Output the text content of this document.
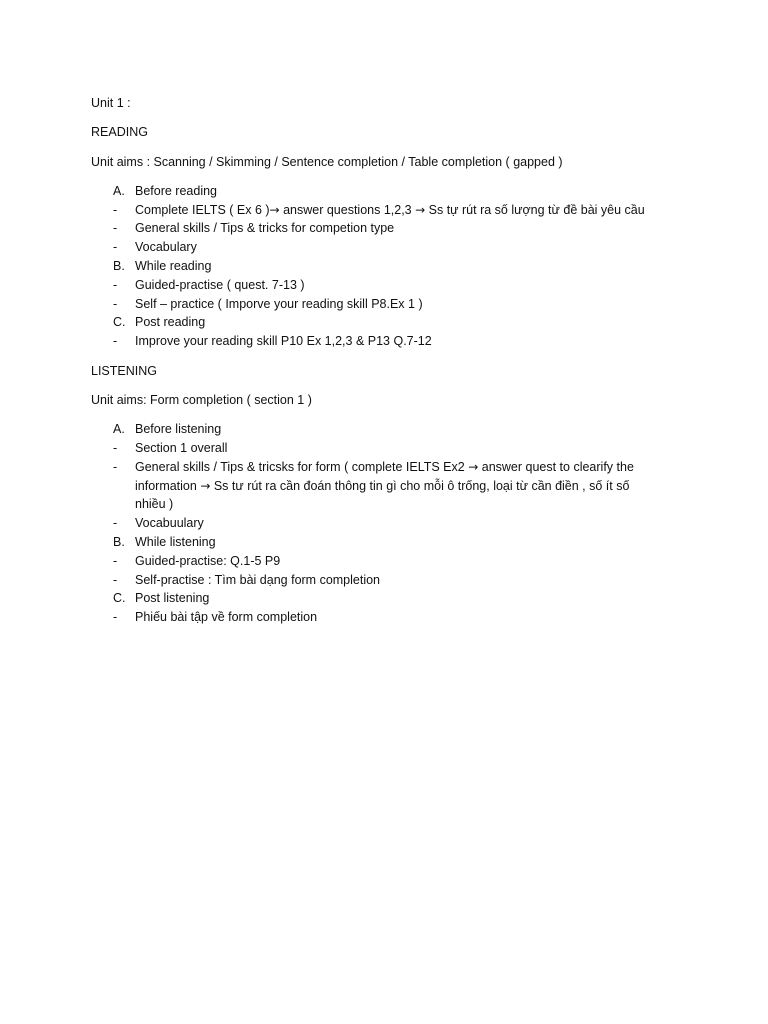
Unit 1 :

READING

Unit aims : Scanning / Skimming / Sentence completion / Table completion ( gapped )

A. Before reading
- Complete IELTS ( Ex 6 )→ answer questions 1,2,3 → Ss tự rút ra số lượng từ đề bài yêu cầu
- General skills / Tips & tricks for competion type
- Vocabulary
B. While reading
- Guided-practise ( quest. 7-13 )
- Self – practice ( Imporve your reading skill P8.Ex 1 )
C. Post reading
- Improve your reading skill P10 Ex 1,2,3 & P13 Q.7-12

LISTENING

Unit aims: Form completion ( section 1 )

A. Before listening
- Section 1 overall
- General skills / Tips & tricsks for form ( complete IELTS Ex2 → answer quest to clearify the information → Ss tư rút ra cần đoán thông tin gì cho mỗi ô trống, loại từ cần điền , số ít số nhiều )
- Vocabuulary
B. While listening
- Guided-practise: Q.1-5 P9
- Self-practise : Tìm bài dạng form completion
C. Post listening
- Phiếu bài tập về form completion
